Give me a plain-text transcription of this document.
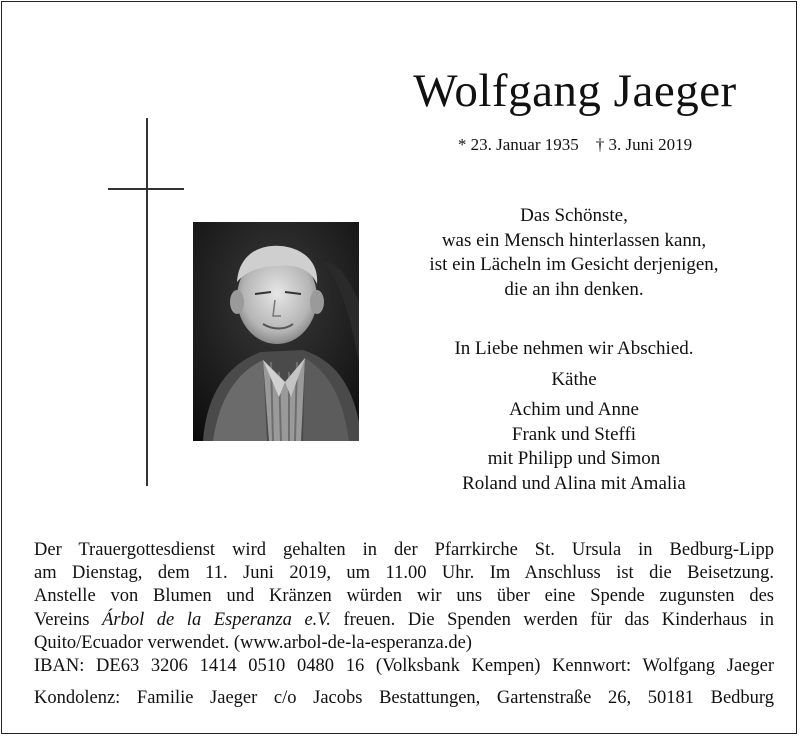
Wolfgang Jaeger
* 23. Januar 1935 † 3. Juni 2019
Das Schönste,
was ein Mensch hinterlassen kann,
ist ein Lächeln im Gesicht derjenigen,
die an ihn denken.
In Liebe nehmen wir Abschied.
Käthe
Achim und Anne
Frank und Steffi
mit Philipp und Simon
Roland und Alina mit Amalia
Der Trauergottesdienst wird gehalten in der Pfarrkirche St. Ursula in Bedburg-Lipp
am Dienstag, dem 11. Juni 2019, um 11.00 Uhr. Im Anschluss ist die Beisetzung.
Anstelle von Blumen und Kränzen würden wir uns über eine Spende zugunsten des
Vereins Árbol de la Esperanza e.V. freuen. Die Spenden werden für das Kinderhaus in
Quito/Ecuador verwendet. (www.arbol-de-la-esperanza.de)
IBAN: DE63 3206 1414 0510 0480 16 (Volksbank Kempen) Kennwort: Wolfgang Jaeger
Kondolenz: Familie Jaeger c/o Jacobs Bestattungen, Gartenstraße 26, 50181 Bedburg
